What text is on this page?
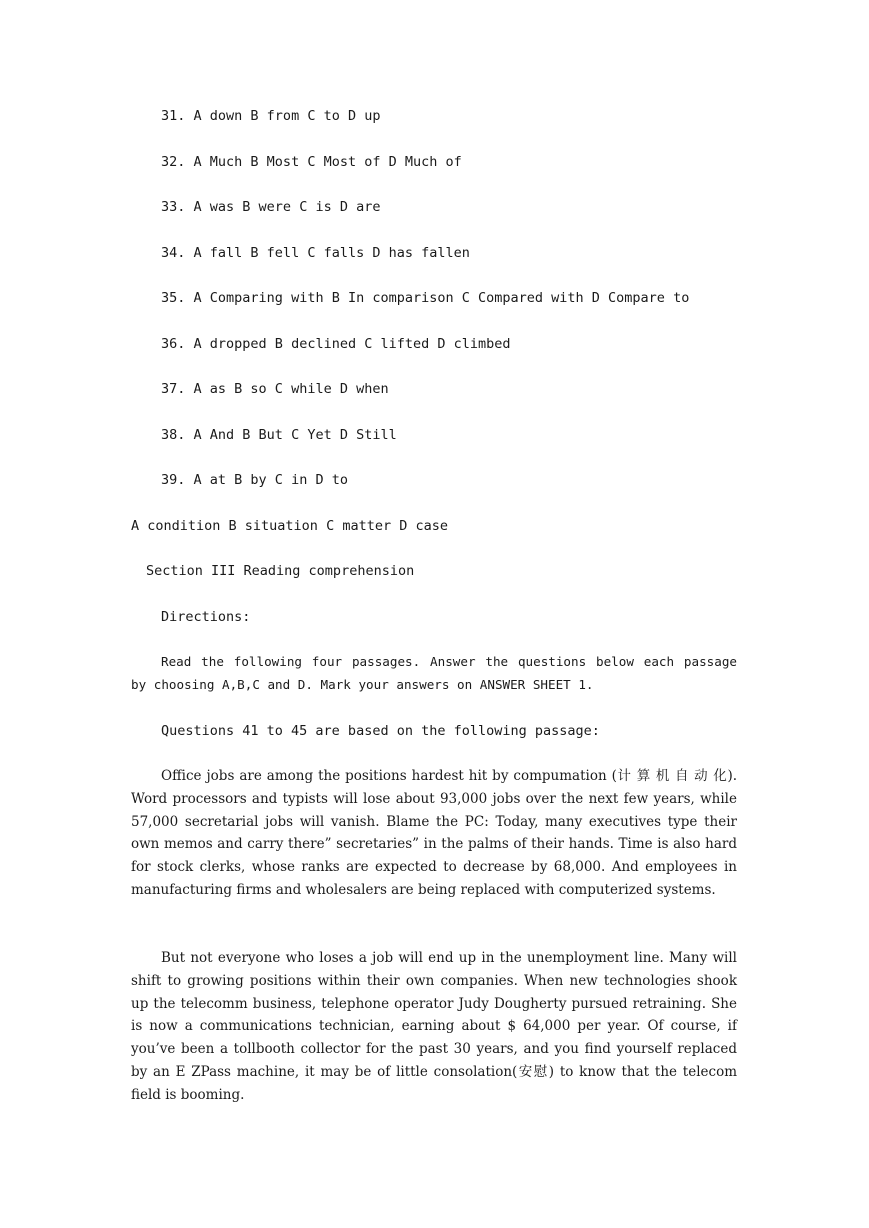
31. A down B from C to D up
32. A Much B Most C Most of D Much of
33. A was B were C is D are
34. A fall B fell C falls D has fallen
35. A Comparing with B In comparison C Compared with D Compare to
36. A dropped B declined C lifted D climbed
37. A as B so C while D when
38. A And B But C Yet D Still
39. A at B by C in D to
A condition B situation C matter D case
Section III Reading comprehension
Directions:
Read the following four passages. Answer the questions below each passage by choosing A,B,C and D. Mark your answers on ANSWER SHEET 1.
Questions 41 to 45 are based on the following passage:
Office jobs are among the positions hardest hit by compumation (计 算 机 自 动 化). Word processors and typists will lose about 93,000 jobs over the next few years, while 57,000 secretarial jobs will vanish. Blame the PC: Today, many executives type their own memos and carry there” secretaries” in the palms of their hands. Time is also hard for stock clerks, whose ranks are expected to decrease by 68,000. And employees in manufacturing firms and wholesalers are being replaced with computerized systems.
But not everyone who loses a job will end up in the unemployment line. Many will shift to growing positions within their own companies. When new technologies shook up the telecomm business, telephone operator Judy Dougherty pursued retraining. She is now a communications technician, earning about $ 64,000 per year. Of course, if you’ve been a tollbooth collector for the past 30 years, and you find yourself replaced by an E ZPass machine, it may be of little consolation(安慰) to know that the telecom field is booming.
